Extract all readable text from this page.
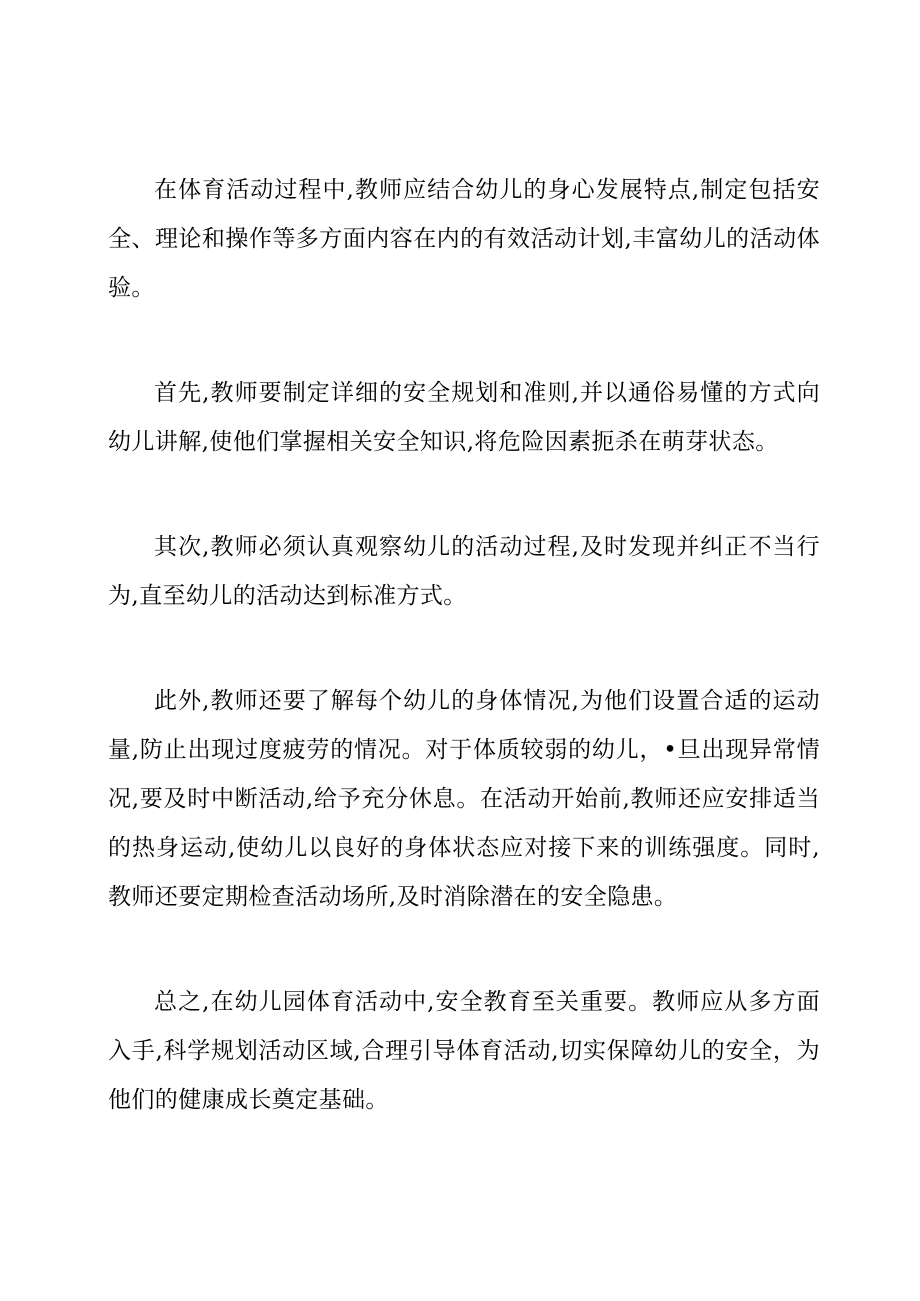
在体育活动过程中,教师应结合幼儿的身心发展特点,制定包括安全、理论和操作等多方面内容在内的有效活动计划,丰富幼儿的活动体验。

首先,教师要制定详细的安全规划和准则,并以通俗易懂的方式向幼儿讲解,使他们掌握相关安全知识,将危险因素扼杀在萌芽状态。

其次,教师必须认真观察幼儿的活动过程,及时发现并纠正不当行为,直至幼儿的活动达到标准方式。

此外,教师还要了解每个幼儿的身体情况,为他们设置合适的运动量,防止出现过度疲劳的情况。对于体质较弱的幼儿，•旦出现异常情况,要及时中断活动,给予充分休息。在活动开始前,教师还应安排适当的热身运动,使幼儿以良好的身体状态应对接下来的训练强度。同时,教师还要定期检查活动场所,及时消除潜在的安全隐患。

总之,在幼儿园体育活动中,安全教育至关重要。教师应从多方面入手,科学规划活动区域,合理引导体育活动,切实保障幼儿的安全，为他们的健康成长奠定基础。
